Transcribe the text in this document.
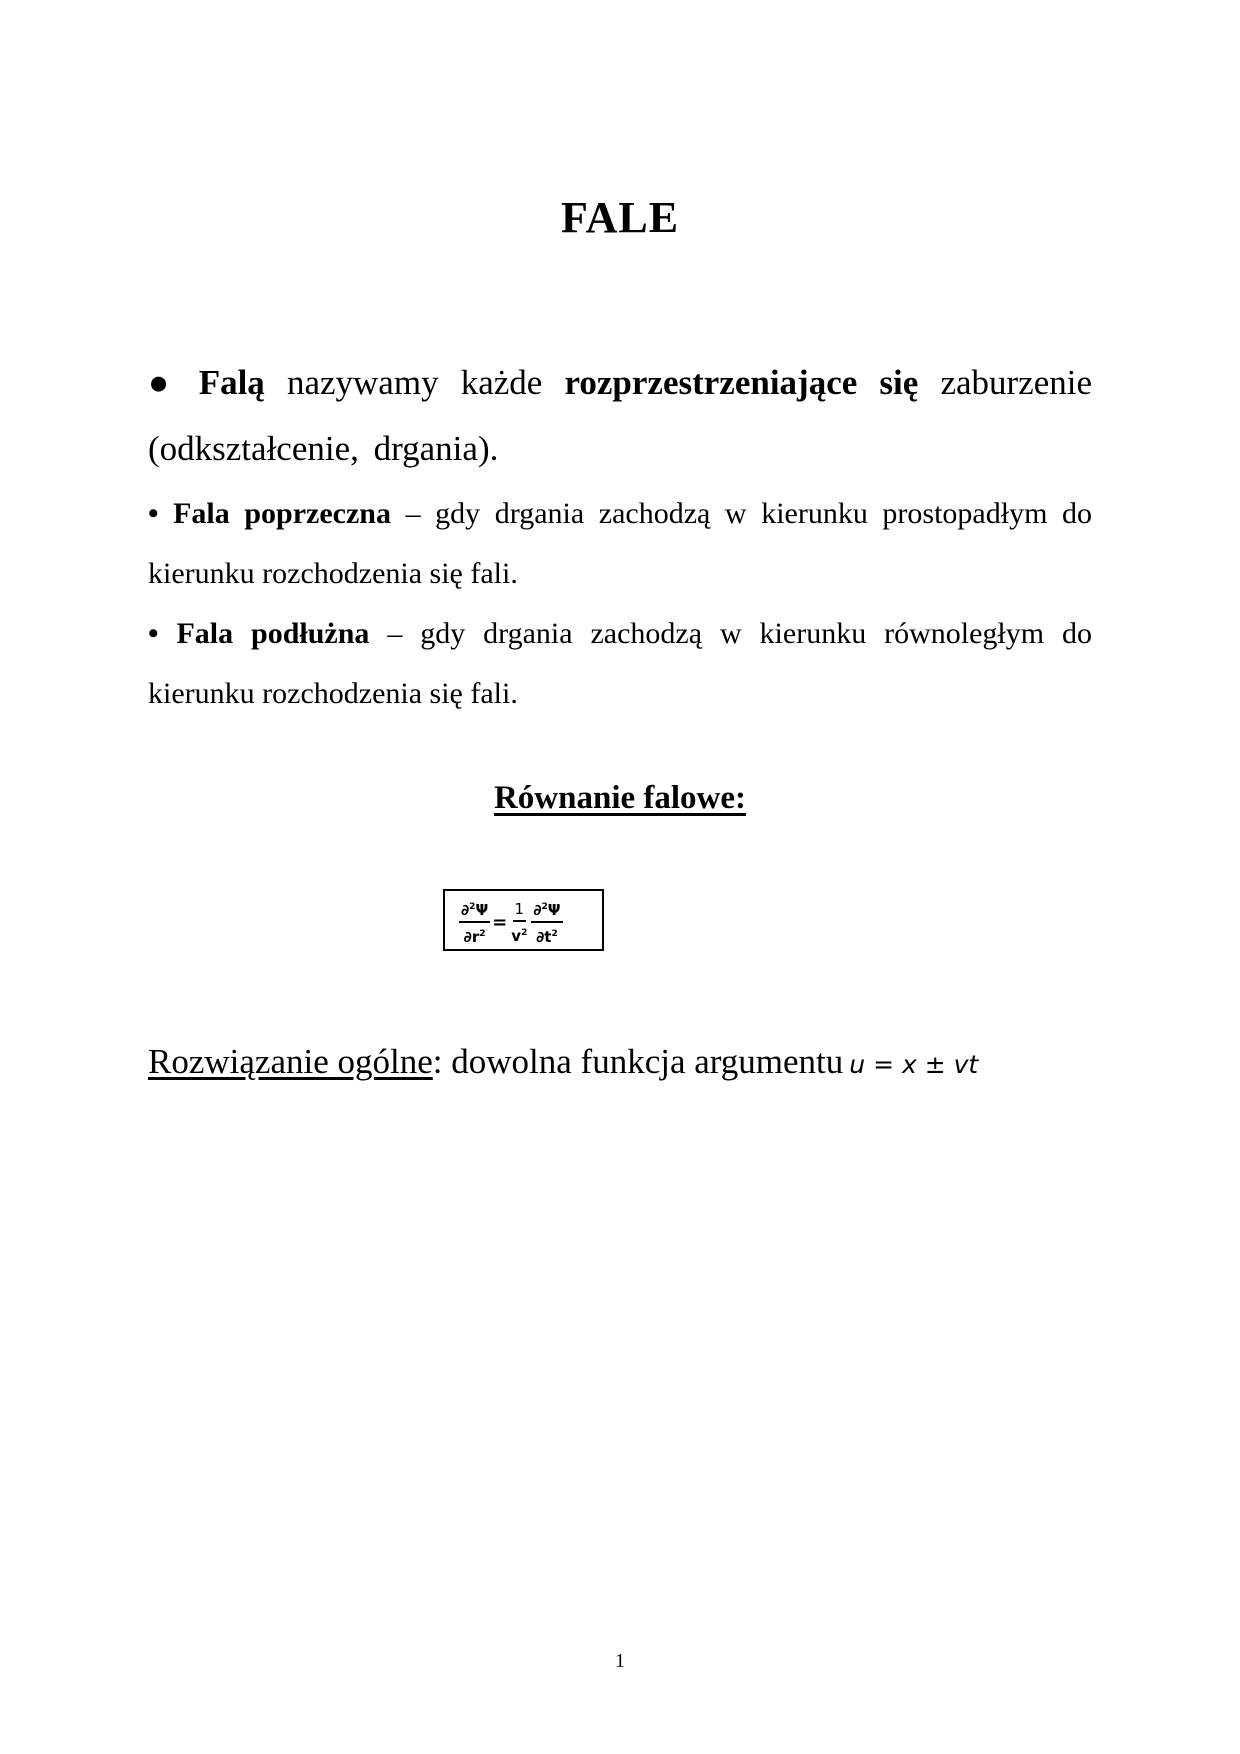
FALE
● Falą nazywamy każde rozprzestrzeniające się zaburzenie (odkształcenie, drgania).
• Fala poprzeczna – gdy drgania zachodzą w kierunku prostopadłym do kierunku rozchodzenia się fali.
• Fala podłużna – gdy drgania zachodzą w kierunku równoległym do kierunku rozchodzenia się fali.
Równanie falowe:
$\frac{\partial^2\Psi}{\partial r^2} = \frac{1}{v^2} \frac{\partial^2\Psi}{\partial t^2}$
Rozwiązanie ogólne: dowolna funkcja argumentu u = x ± vt
1
